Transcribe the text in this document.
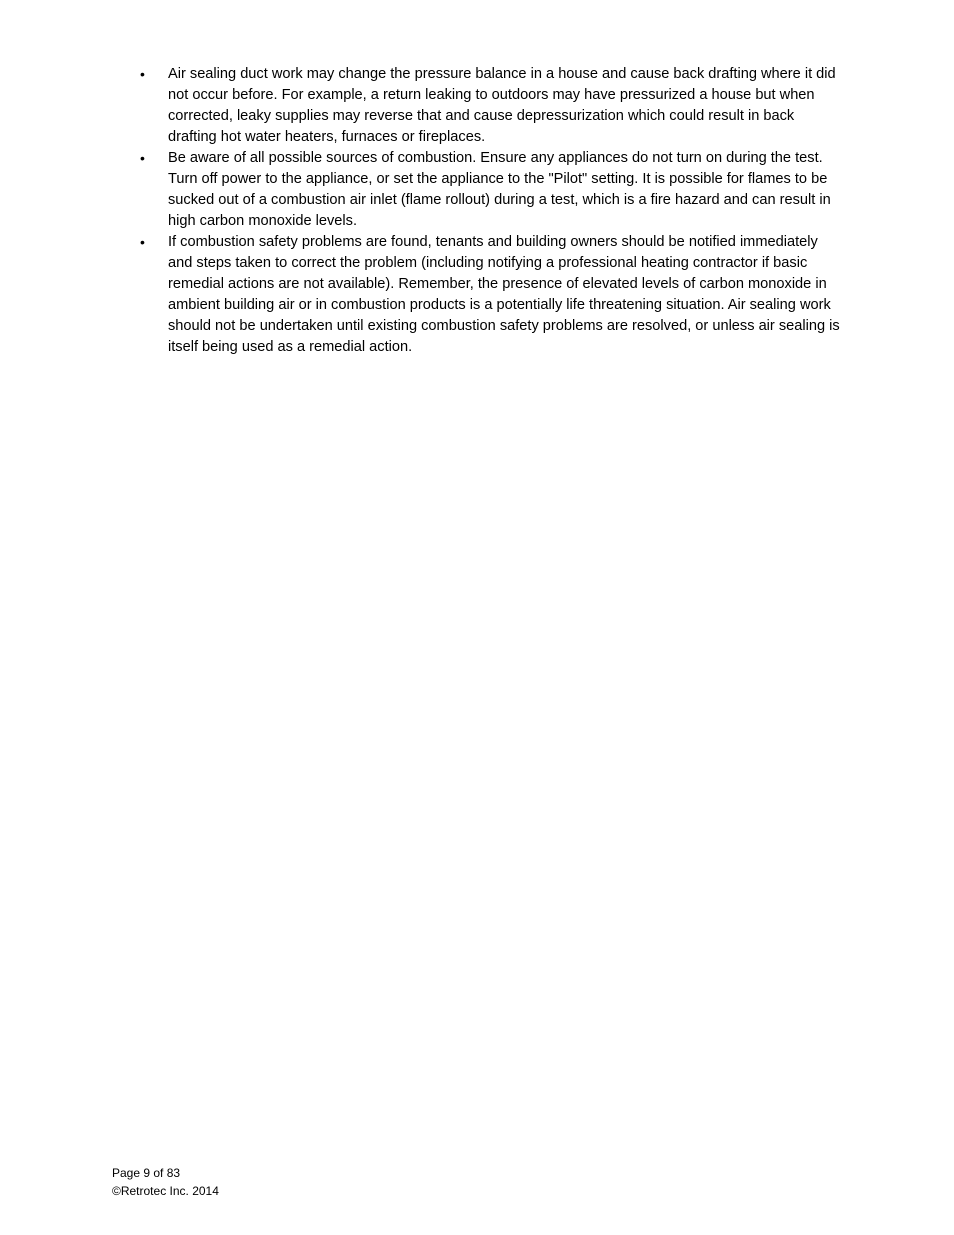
•	Air sealing duct work may change the pressure balance in a house and cause back drafting where it did not occur before. For example, a return leaking to outdoors may have pressurized a house but when corrected, leaky supplies may reverse that and cause depressurization which could result in back drafting hot water heaters, furnaces or fireplaces.
•	Be aware of all possible sources of combustion. Ensure any appliances do not turn on during the test. Turn off power to the appliance, or set the appliance to the "Pilot" setting. It is possible for flames to be sucked out of a combustion air inlet (flame rollout) during a test, which is a fire hazard and can result in high carbon monoxide levels.
•	If combustion safety problems are found, tenants and building owners should be notified immediately and steps taken to correct the problem (including notifying a professional heating contractor if basic remedial actions are not available). Remember, the presence of elevated levels of carbon monoxide in ambient building air or in combustion products is a potentially life threatening situation. Air sealing work should not be undertaken until existing combustion safety problems are resolved, or unless air sealing is itself being used as a remedial action.
Page 9 of 83
©Retrotec Inc. 2014
